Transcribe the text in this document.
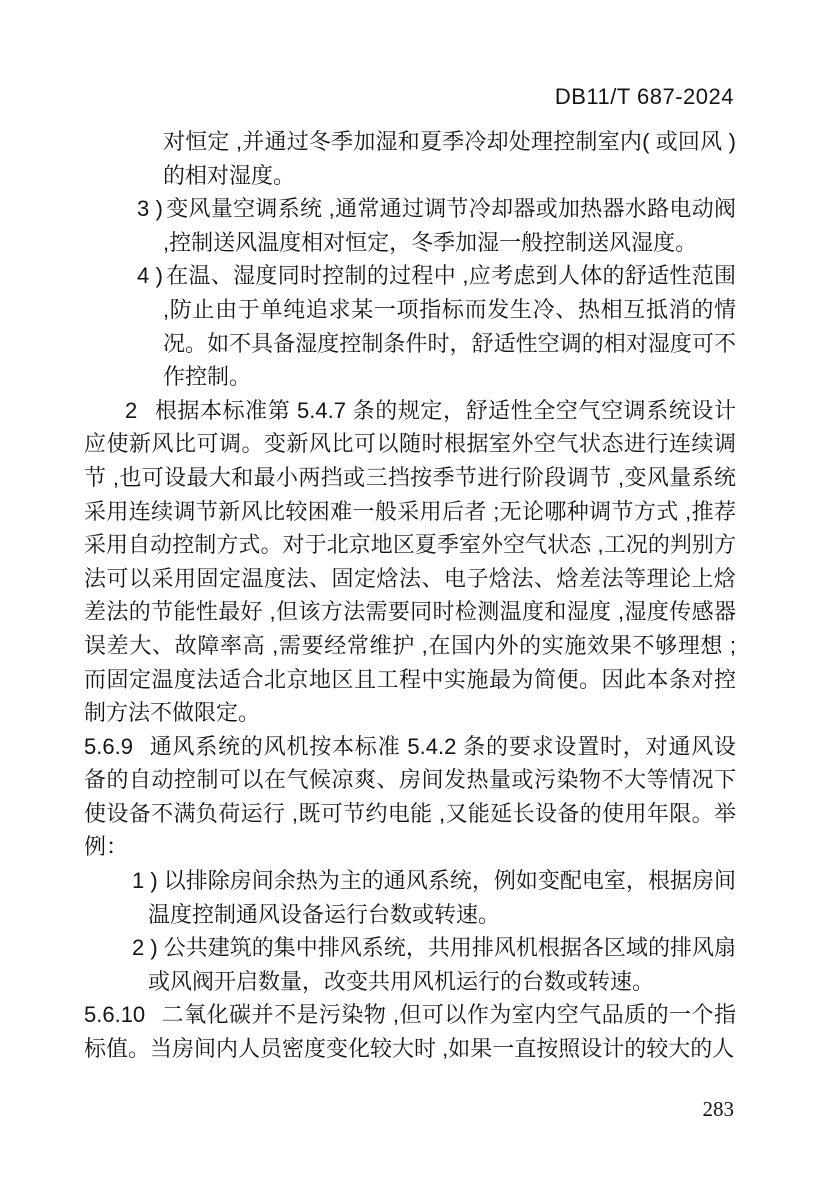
DB11/T 687-2024

对恒定 ,并通过冬季加湿和夏季冷却处理控制室内( 或回风 )的相对湿度。

3 ) 变风量空调系统 ,通常通过调节冷却器或加热器水路电动阀 ,控制送风温度相对恒定，冬季加湿一般控制送风湿度。

4 ) 在温、湿度同时控制的过程中 ,应考虑到人体的舒适性范围 ,防止由于单纯追求某一项指标而发生冷、热相互抵消的情况。如不具备湿度控制条件时，舒适性空调的相对湿度可不作控制。

2 根据本标准第 5.4.7 条的规定，舒适性全空气空调系统设计应使新风比可调。变新风比可以随时根据室外空气状态进行连续调节 ,也可设最大和最小两挡或三挡按季节进行阶段调节 ,变风量系统采用连续调节新风比较困难一般采用后者 ;无论哪种调节方式 ,推荐采用自动控制方式。对于北京地区夏季室外空气状态 ,工况的判别方法可以采用固定温度法、固定焓法、电子焓法、焓差法等理论上焓差法的节能性最好 ,但该方法需要同时检测温度和湿度 ,湿度传感器误差大、故障率高 ,需要经常维护 ,在国内外的实施效果不够理想 ;而固定温度法适合北京地区且工程中实施最为简便。因此本条对控制方法不做限定。

5.6.9 通风系统的风机按本标准 5.4.2 条的要求设置时，对通风设备的自动控制可以在气候凉爽、房间发热量或污染物不大等情况下使设备不满负荷运行 ,既可节约电能 ,又能延长设备的使用年限。举例：

1 ) 以排除房间余热为主的通风系统，例如变配电室，根据房间温度控制通风设备运行台数或转速。

2 ) 公共建筑的集中排风系统，共用排风机根据各区域的排风扇或风阀开启数量，改变共用风机运行的台数或转速。

5.6.10 二氧化碳并不是污染物 ,但可以作为室内空气品质的一个指标值。当房间内人员密度变化较大时 ,如果一直按照设计的较大的人

283
